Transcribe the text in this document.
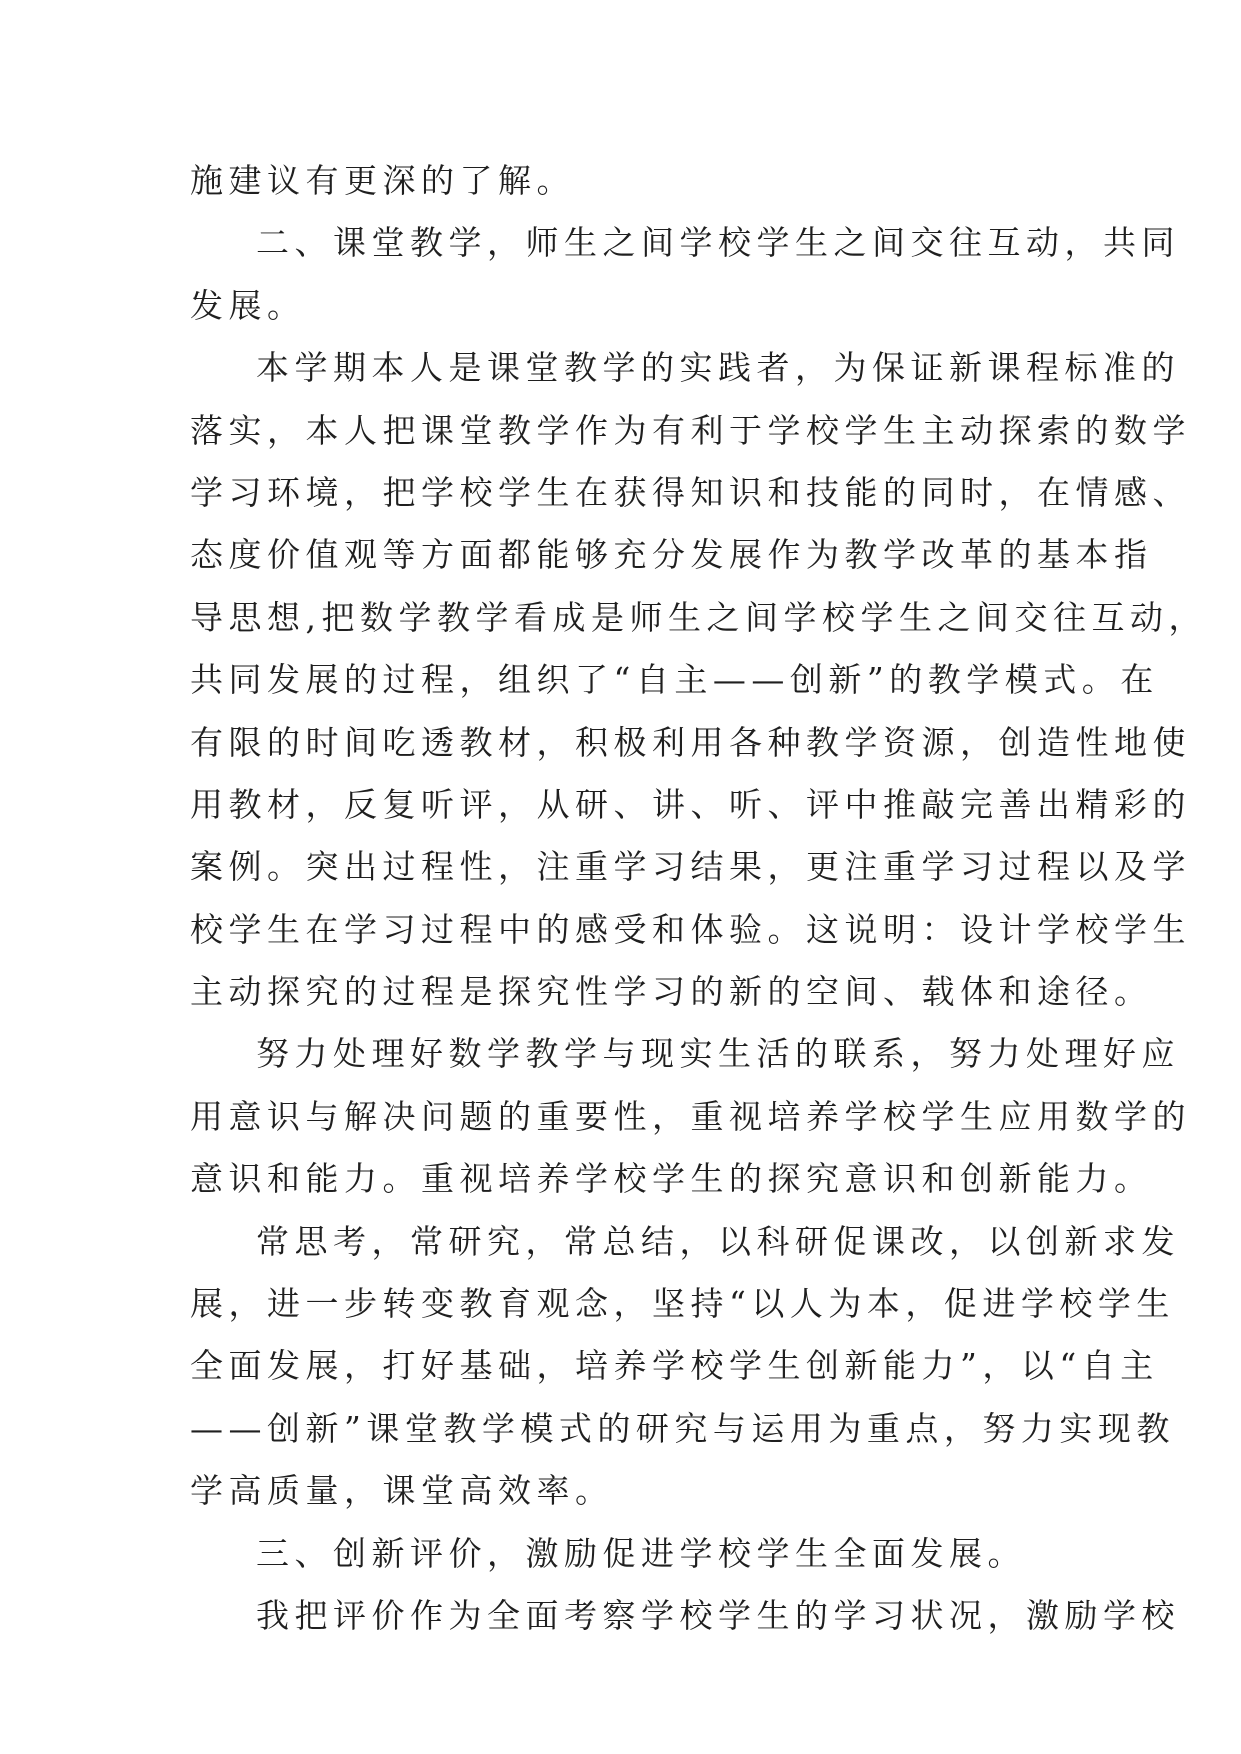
施建议有更深的了解。
二、课堂教学，师生之间学校学生之间交往互动，共同
发展。
本学期本人是课堂教学的实践者，为保证新课程标准的
落实，本人把课堂教学作为有利于学校学生主动探索的数学
学习环境，把学校学生在获得知识和技能的同时，在情感、
态度价值观等方面都能够充分发展作为教学改革的基本指
导思想,把数学教学看成是师生之间学校学生之间交往互动，
共同发展的过程，组织了“自主——创新”的教学模式。在
有限的时间吃透教材，积极利用各种教学资源，创造性地使
用教材，反复听评，从研、讲、听、评中推敲完善出精彩的
案例。突出过程性，注重学习结果，更注重学习过程以及学
校学生在学习过程中的感受和体验。这说明：设计学校学生
主动探究的过程是探究性学习的新的空间、载体和途径。
努力处理好数学教学与现实生活的联系，努力处理好应
用意识与解决问题的重要性，重视培养学校学生应用数学的
意识和能力。重视培养学校学生的探究意识和创新能力。
常思考，常研究，常总结，以科研促课改，以创新求发
展，进一步转变教育观念，坚持“以人为本，促进学校学生
全面发展，打好基础，培养学校学生创新能力”，以“自主
——创新”课堂教学模式的研究与运用为重点，努力实现教
学高质量，课堂高效率。
三、创新评价，激励促进学校学生全面发展。
我把评价作为全面考察学校学生的学习状况，激励学校
